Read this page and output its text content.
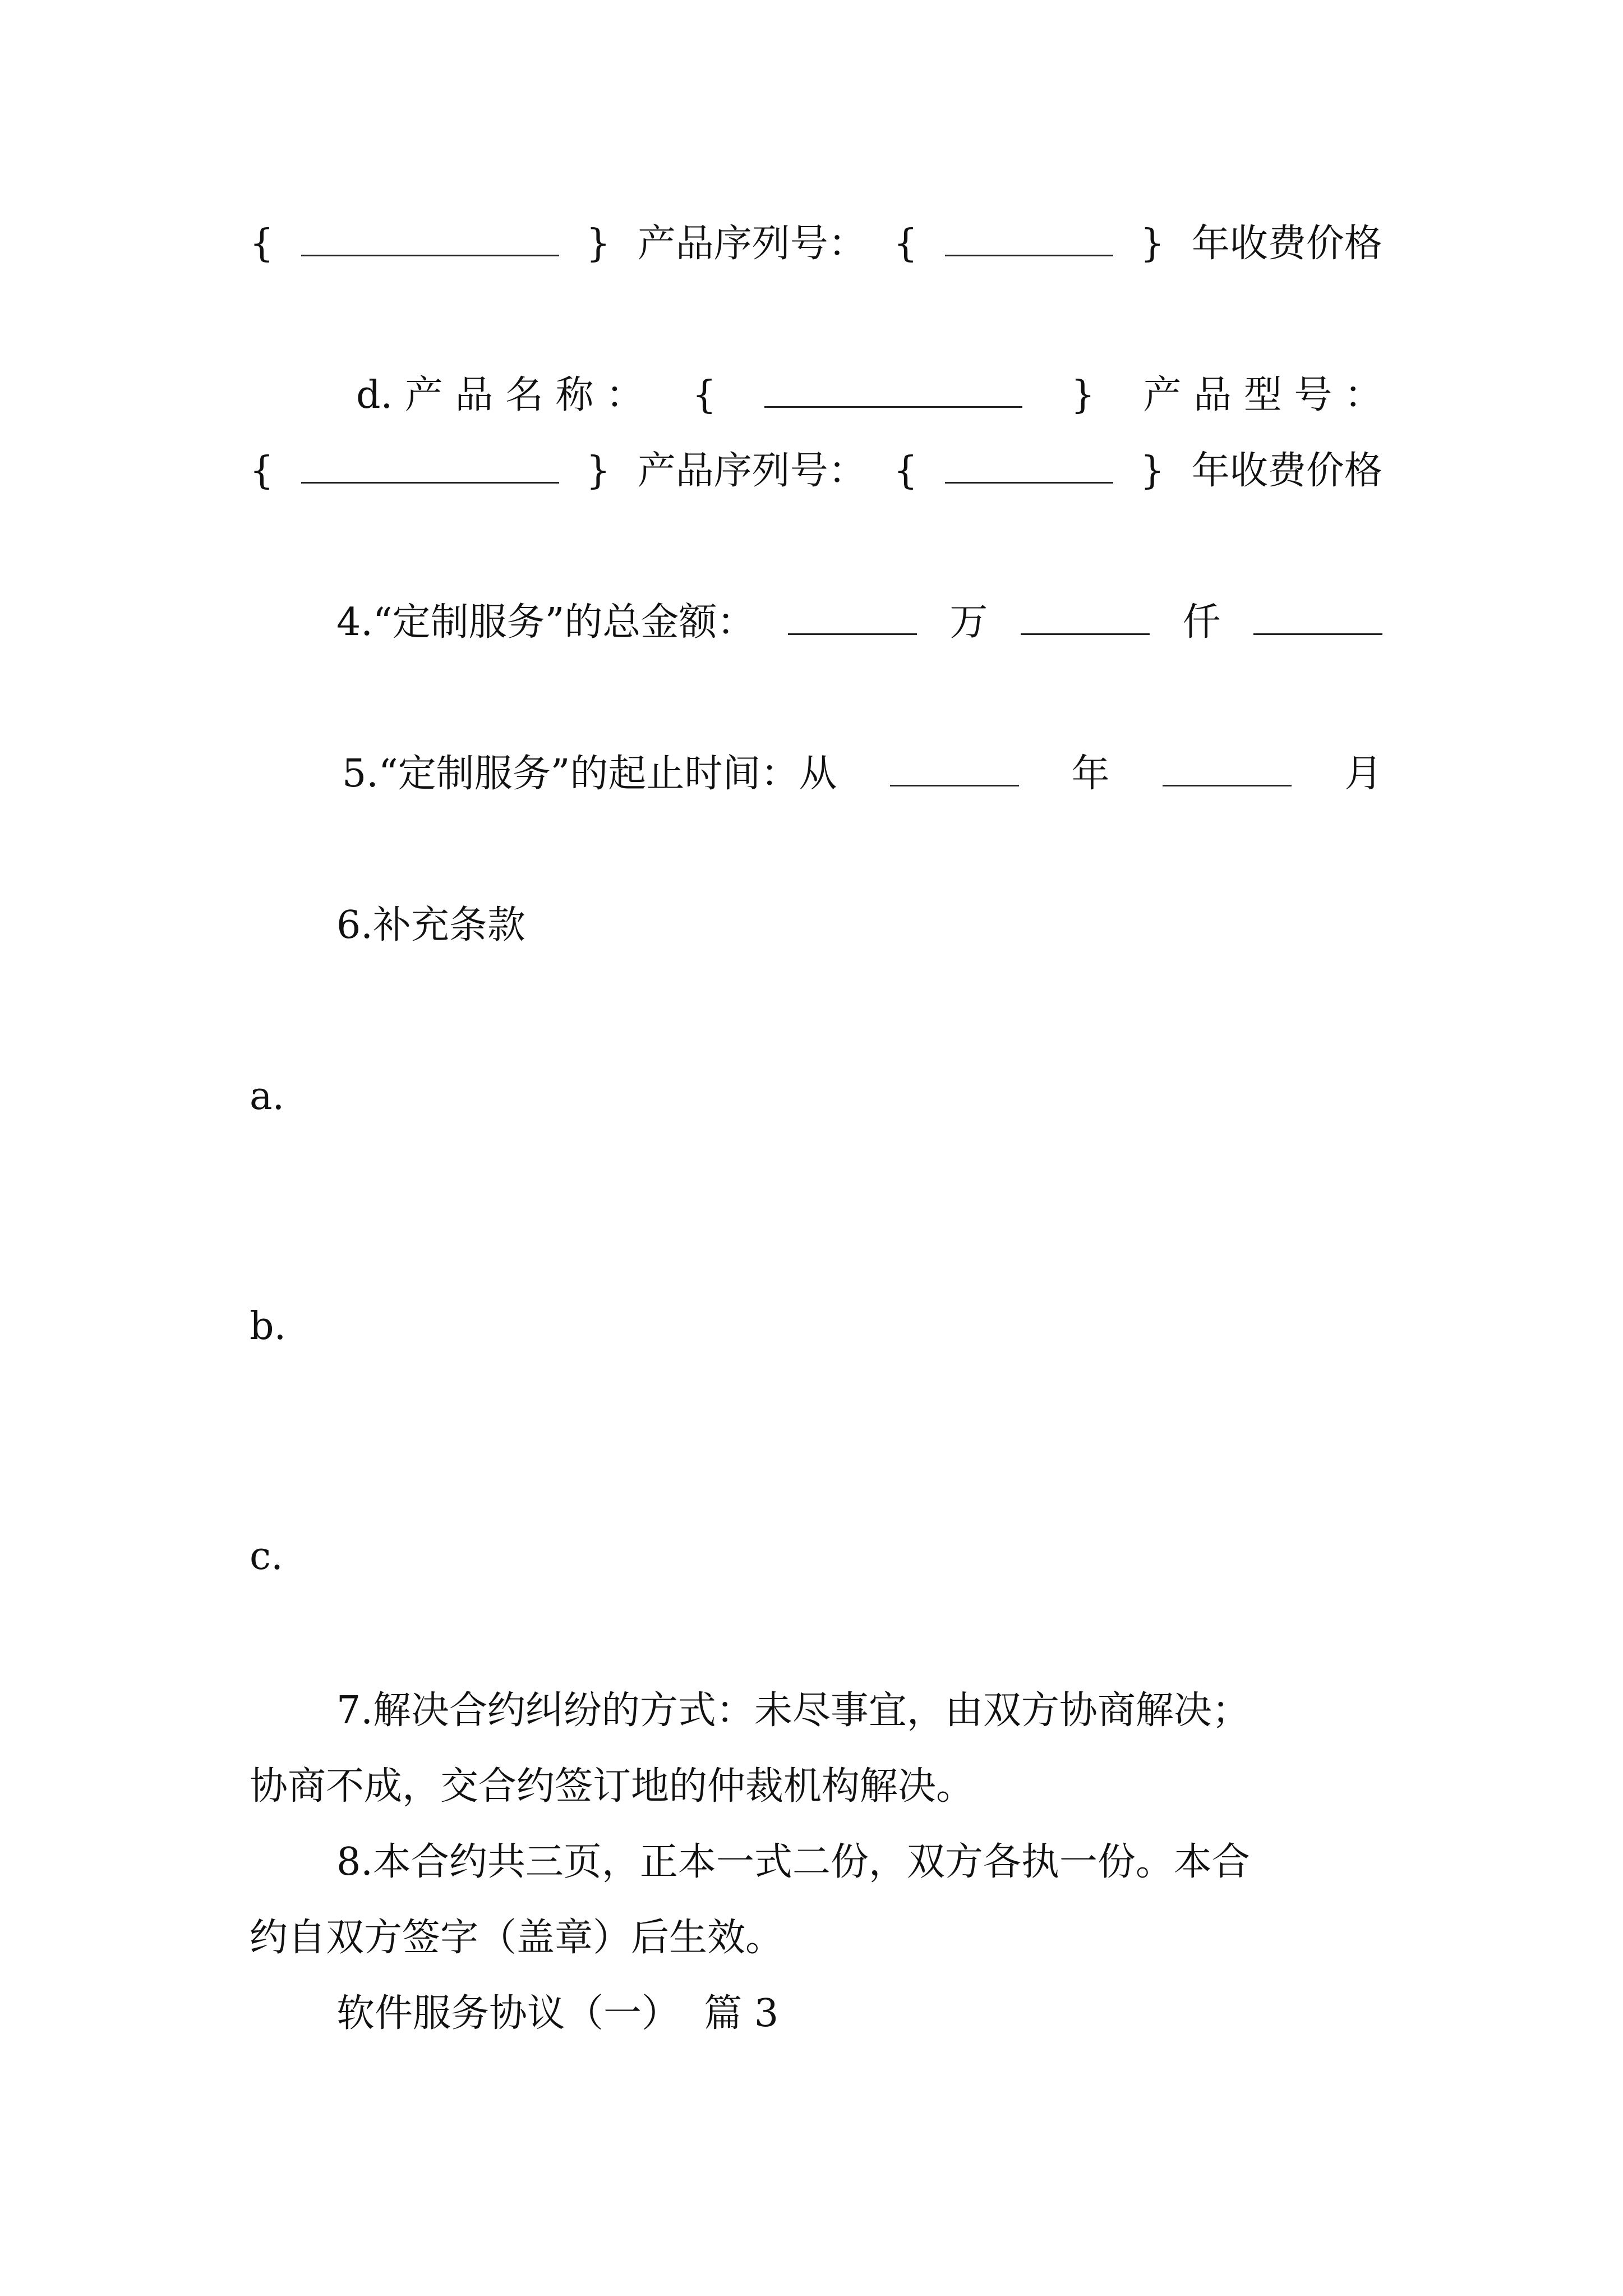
{	} 产品序列号： {	} 年收费价格

d. 产 品 名 称 ： {	} 产 品 型 号 ：
{	} 产品序列号： {	} 年收费价格

4.“定制服务”的总金额：	万	仟

5.“定制服务”的起止时间：从	年	月

6.补充条款
a.

b.

c.

7.解决合约纠纷的方式：未尽事宜，由双方协商解决；
协商不成，交合约签订地的仲裁机构解决。
8.本合约共三页，正本一式二份，双方各执一份。本合
约自双方签字（盖章）后生效。
软件服务协议（一）  篇 3
